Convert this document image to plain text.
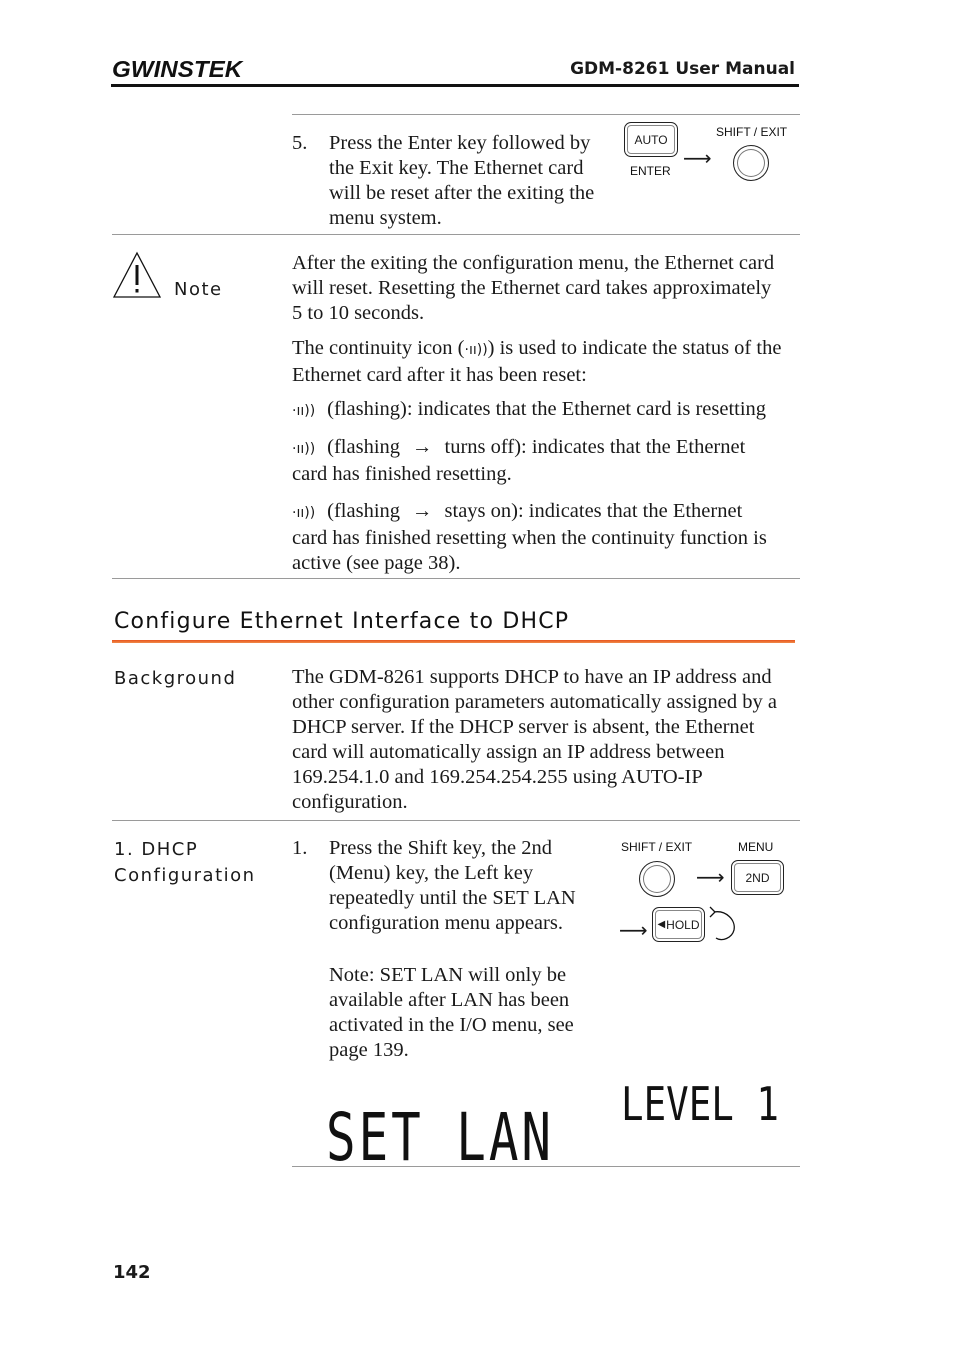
GWINSTEK	GDM-8261 User Manual
5. Press the Enter key followed by the Exit key. The Ethernet card will be reset after the exiting the menu system.
AUTO
ENTER
⟶
SHIFT / EXIT
Note
After the exiting the configuration menu, the Ethernet card will reset. Resetting the Ethernet card takes approximately 5 to 10 seconds.
The continuity icon (·ıı))) is used to indicate the status of the Ethernet card after it has been reset:
·ıı)) (flashing): indicates that the Ethernet card is resetting
·ıı)) (flashing → turns off): indicates that the Ethernet card has finished resetting.
·ıı)) (flashing → stays on): indicates that the Ethernet card has finished resetting when the continuity function is active (see page 38).
Configure Ethernet Interface to DHCP
Background	The GDM-8261 supports DHCP to have an IP address and other configuration parameters automatically assigned by a DHCP server. If the DHCP server is absent, the Ethernet card will automatically assign an IP address between 169.254.1.0 and 169.254.254.255 using AUTO-IP configuration.
1. DHCP
Configuration
1. Press the Shift key, the 2nd (Menu) key, the Left key repeatedly until the SET LAN configuration menu appears.
Note: SET LAN will only be available after LAN has been activated in the I/O menu, see page 139.
SHIFT / EXIT	MENU
⟶ 2ND
⟶ ◀ HOLD
SET LAN LEVEL 1
142
